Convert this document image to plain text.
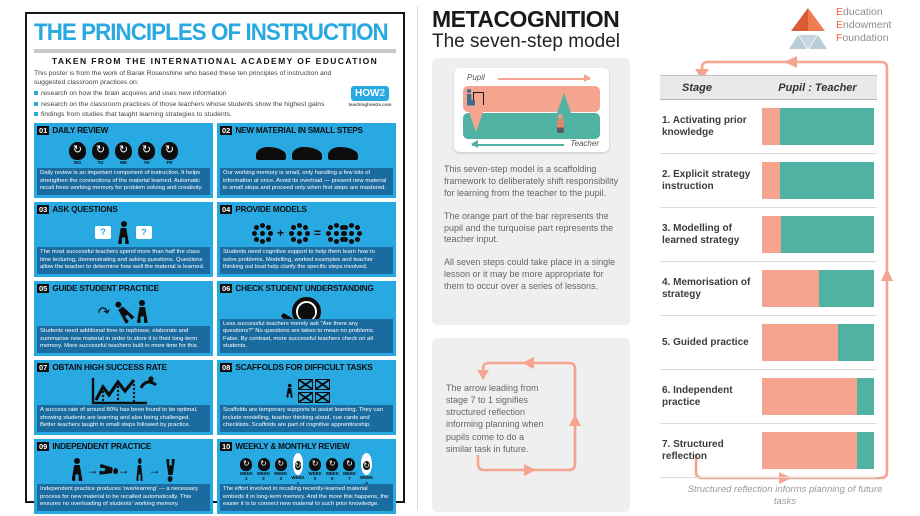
THE PRINCIPLES OF INSTRUCTION
TAKEN FROM THE INTERNATIONAL ACADEMY OF EDUCATION

This poster is from the work of Barak Rosenshine who based these ten principles of instruction and suggested classroom practices on:

research on how the brain acquires and uses new information
research on the classroom practices of those teachers whose students show the highest gains
findings from studies that taught learning strategies to students.
HOW2
teachinghow2s.com
01 DAILY REVIEW
↻
MO
↻	TU
↻	WE
↻	TH
↻	FR
Daily review is an important component of instruction. It helps strengthen the connections of the material learned. Automatic recall frees working memory for problem solving and creativity.
02 NEW MATERIAL IN SMALL STEPS
Our working memory is small, only handling a few bits of information at once. Avoid its overload — present new material in small steps and proceed only when first steps are mastered.
03 ASK QUESTIONS
?
?
The most successful teachers spend more than half the class time lecturing, demonstrating and asking questions. Questions allow the teacher to determine how well the material is learned.
04 PROVIDE MODELS
+
=
Students need cognitive support to help them learn how to solve problems. Modelling, worked examples and teacher thinking out loud help clarify the specific steps involved.
05 GUIDE STUDENT PRACTICE
↷
Students need additional time to rephrase, elaborate and summarise new material in order to store it in their long-term memory. More successful teachers built in more time for this.
06 CHECK STUDENT UNDERSTANDING
Less successful teachers merely ask "Are there any questions?" No questions are taken to mean no problems. False. By contrast, more successful teachers check on all students.
07 OBTAIN HIGH SUCCESS RATE
A success rate of around 80% has been found to be optimal, showing students are learning and also being challenged. Better teachers taught in small steps followed by practice.
08 SCAFFOLDS FOR DIFFICULT TASKS
Scaffolds are temporary supports to assist learning. They can include modelling, teacher thinking aloud, cue cards and checklists. Scaffolds are part of cognitive apprenticeship.
09 INDEPENDENT PRACTICE
→
→
→
Independent practice produces 'overlearning' — a necessary process for new material to be recalled automatically. This ensures no overloading of students' working memory.
10 WEEKLY & MONTHLY REVIEW
↻
WEEK
1
↻
WEEK
2
↻
WEEK
3
↻ WEEK
↻
WEEK
5
↻
WEEK
6
↻
WEEK
7
↻ WEEK
The effort involved in recalling recently-learned material embeds it in long-term memory. And the more this happens, the easier it is to connect new material to such prior knowledge.
METACOGNITION
The seven-step model
Pupil
Teacher

This seven-step model is a scaffolding framework to deliberately shift responsibility for learning from the teacher to the pupil.

The orange part of the bar represents the pupil and the turquoise part represents the teacher input.

All seven steps could take place in a single lesson or it may be more appropriate for them to occur over a series of lessons.

The arrow leading from stage 7 to 1 signifies structured reflection informing planning when pupils come to do a similar task in future.
Education
Endowment
Foundation
Stage	Pupil : Teacher
1. Activating prior knowledge
2. Explicit strategy instruction
3. Modelling of learned strategy
4. Memorisation of strategy
5. Guided practice
6. Independent practice
7. Structured reflection
Structured reflection informs planning of future tasks
